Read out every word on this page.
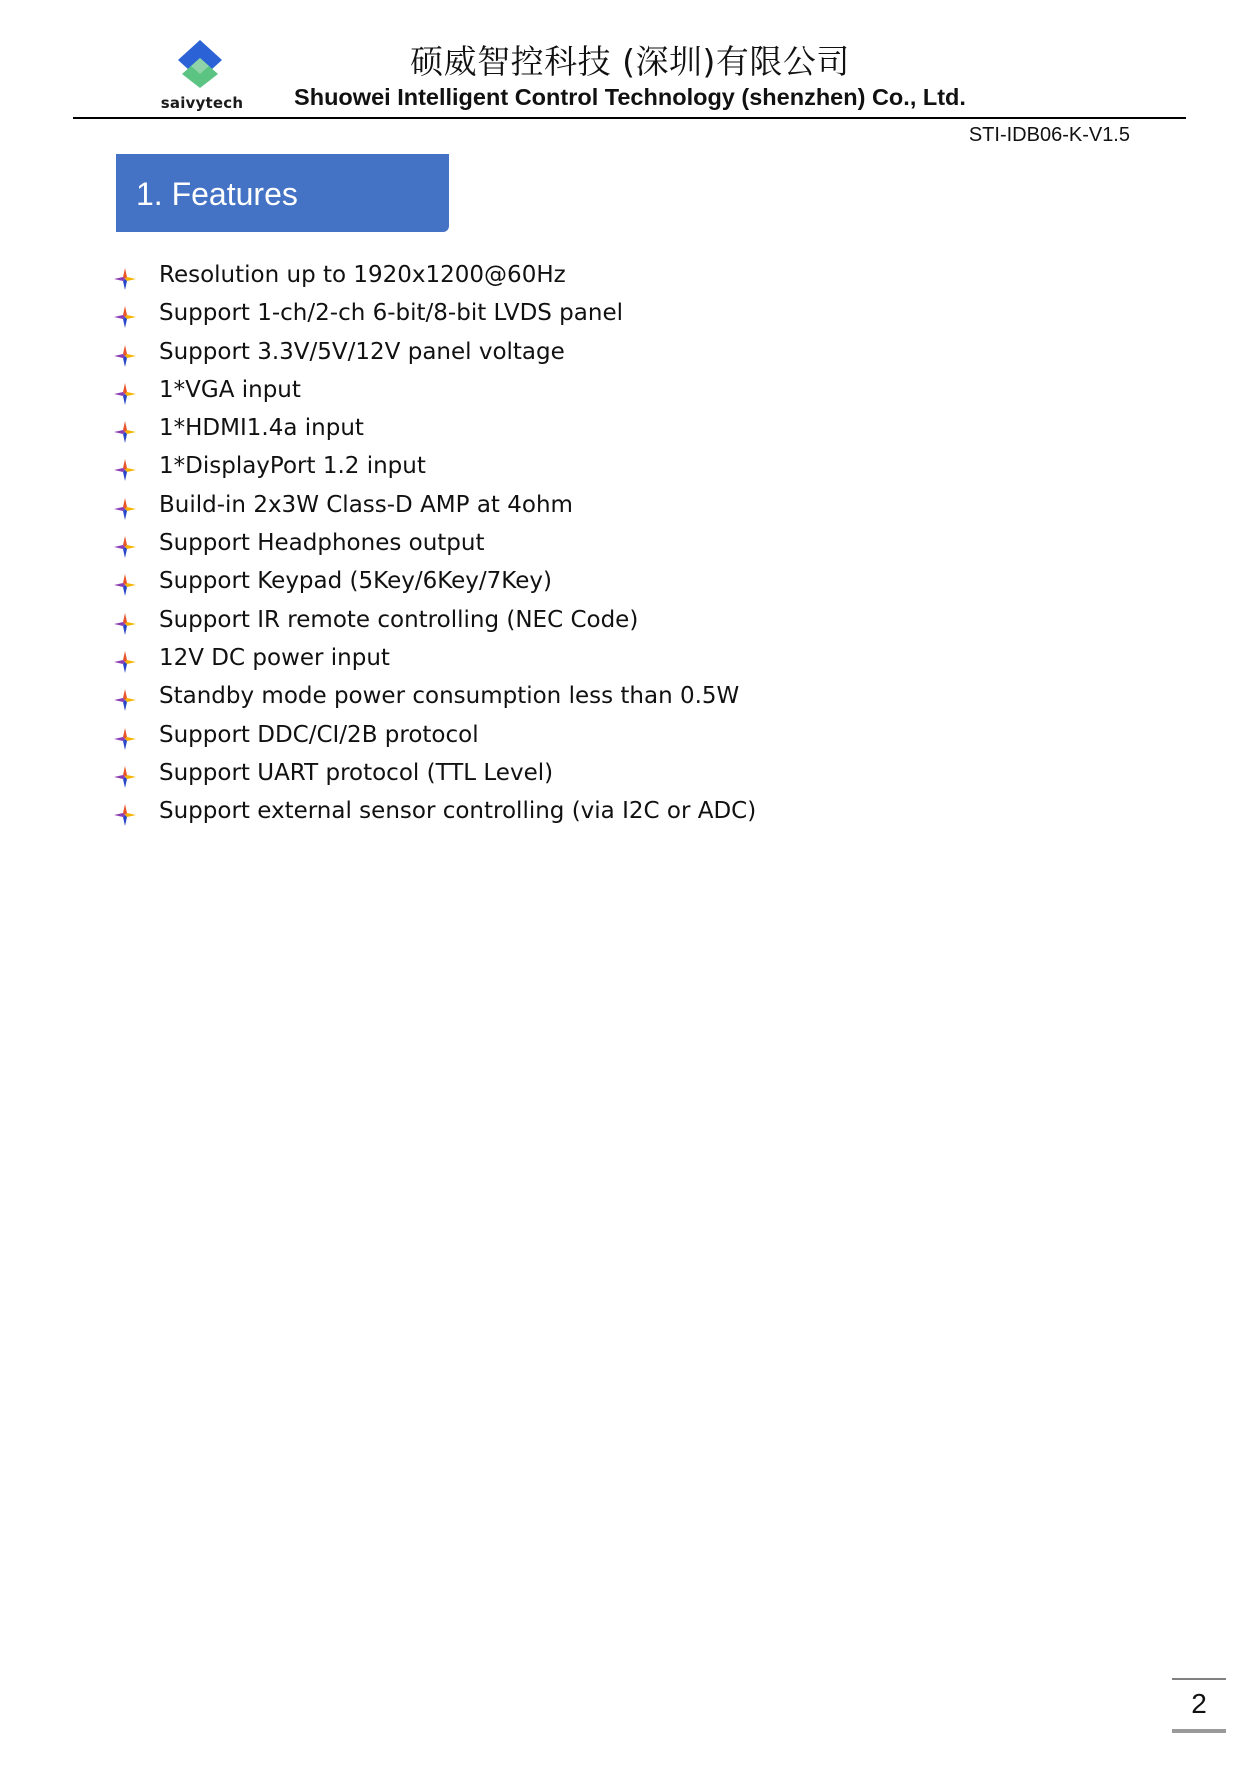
saivytech
硕威智控科技 (深圳)有限公司
Shuowei Intelligent Control Technology (shenzhen) Co., Ltd.
STI-IDB06-K-V1.5
1. Features
Resolution up to 1920x1200@60Hz
Support 1-ch/2-ch 6-bit/8-bit LVDS panel
Support 3.3V/5V/12V panel voltage
1*VGA input
1*HDMI1.4a input
1*DisplayPort 1.2 input
Build-in 2x3W Class-D AMP at 4ohm
Support Headphones output
Support Keypad (5Key/6Key/7Key)
Support IR remote controlling (NEC Code)
12V DC power input
Standby mode power consumption less than 0.5W
Support DDC/CI/2B protocol
Support UART protocol (TTL Level)
Support external sensor controlling (via I2C or ADC)
2
